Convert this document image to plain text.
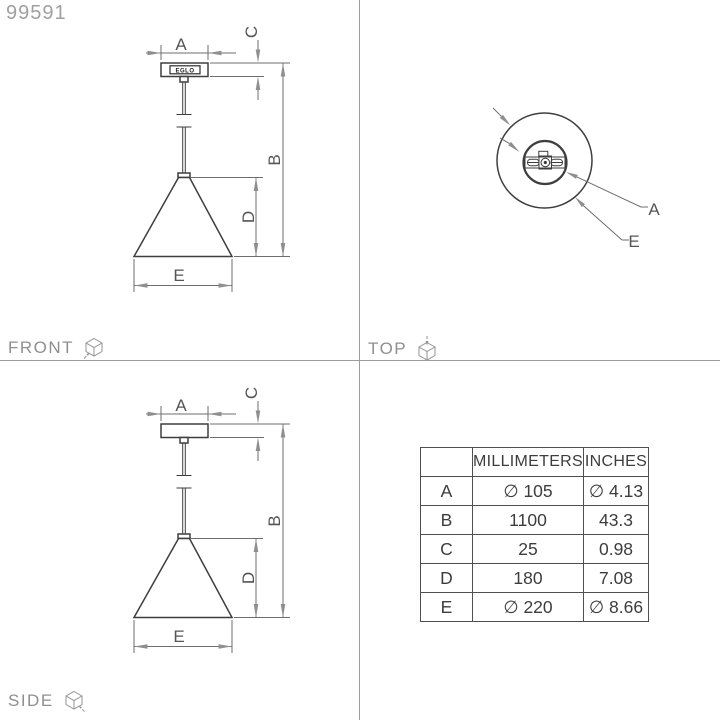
99591
A
C
B
D
E
EGLO
A
E
A
C
B
D
E
FRONT	TOP
SIDE
	MILLIMETERS	INCHES
A	∅ 105	∅ 4.13
B	1100	43.3
C	25	0.98
D	180	7.08
E	∅ 220	∅ 8.66
